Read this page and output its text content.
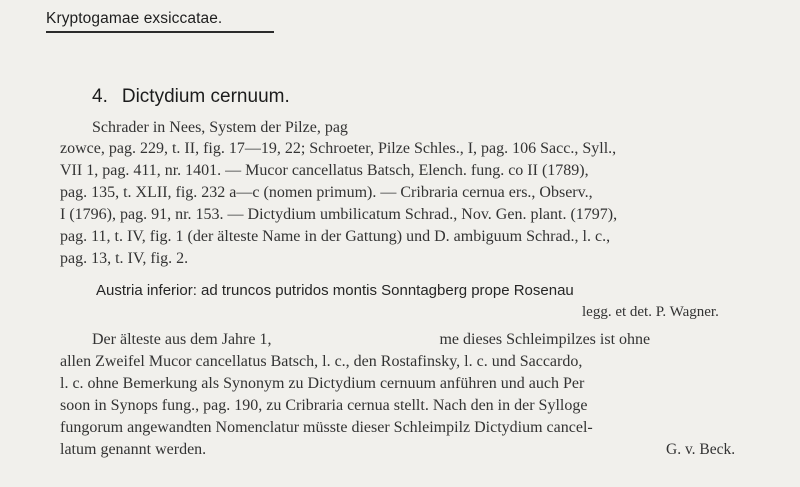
Kryptogamae exsiccatae.
4. Dictydium cernuum.
Schrader in Nees, System der Pilze, pag
zowce, pag. 229, t. II, fig. 17—19, 22; Schroeter, Pilze Schles., I, pag. 106 Sacc., Syll.,
VII 1, pag. 411, nr. 1401. — Mucor cancellatus Batsch, Elench. fung. co II (1789),
pag. 135, t. XLII, fig. 232 a—c (nomen primum). — Cribraria cernua ers., Observ.,
I (1796), pag. 91, nr. 153. — Dictydium umbilicatum Schrad., Nov. Gen. plant. (1797),
pag. 11, t. IV, fig. 1 (der älteste Name in der Gattung) und D. ambiguum Schrad., l. c.,
pag. 13, t. IV, fig. 2.
Austria inferior: ad truncos putridos montis Sonntagberg prope Rosenau
legg. et det. P. Wagner.
Der älteste aus dem Jahre 1,	me dieses Schleimpilzes ist ohne
allen Zweifel Mucor cancellatus Batsch, l. c., den Rostafinsky, l. c. und Saccardo,
l. c. ohne Bemerkung als Synonym zu Dictydium cernuum anführen und auch Per
soon in Synops fung., pag. 190, zu Cribraria cernua stellt. Nach den in der Sylloge
fungorum angewandten Nomenclatur müsste dieser Schleimpilz Dictydium cancel-
latum genannt werden.	G. v. Beck.
